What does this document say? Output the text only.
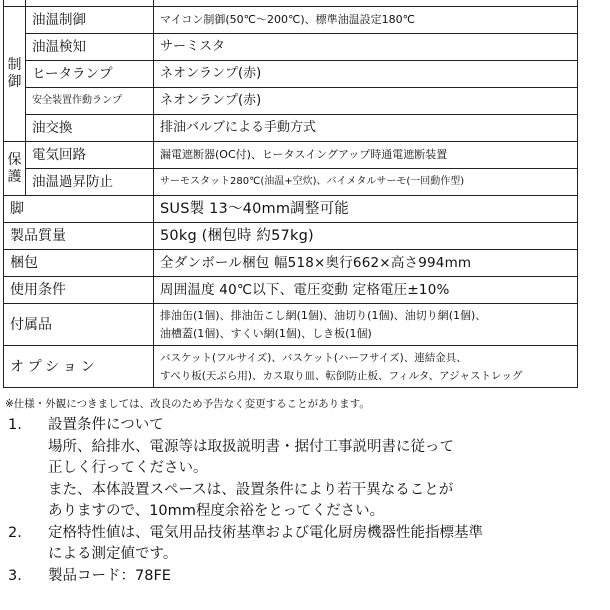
制
御	油温制御	マイコン制御(50℃～200℃)、標準油温設定180℃
	油温検知	サーミスタ
	ヒータランプ	ネオンランプ(赤)
	安全装置作動ランプ	ネオンランプ(赤)
	油交換	排油バルブによる手動方式

保
護	電気回路	漏電遮断器(OC付)、ヒータスイングアップ時通電遮断装置
	油温過昇防止	サーモスタット280℃(油温+空炊)、バイメタルサーモ(一回動作型)
脚		SUS製 13～40mm調整可能
製品質量		50kg (梱包時 約57kg)
梱包		全ダンボール梱包 幅518×奥行662×高さ994mm
使用条件		周囲温度 40℃以下、電圧変動 定格電圧±10%
付属品		排油缶(1個)、排油缶こし網(1個)、油切り(1個)、油切り網(1個)、
油槽蓋(1個)、すくい網(1個)、しき板(1個)

オプション		バスケット(フルサイズ)、バスケット(ハーフサイズ)、連結金具、
すべり板(天ぷら用)、カス取り皿、転倒防止板、フィルタ、アジャストレッグ
※仕様・外観につきましては、改良のため予告なく変更することがあります。
1. 設置条件について
場所、給排水、電源等は取扱説明書・据付工事説明書に従って
正しく行ってください。
また、本体設置スペースは、設置条件により若干異なることが
ありますので、10mm程度余裕をとってください。
2. 定格特性値は、電気用品技術基準および電化厨房機器性能指標基準
による測定値です。
3. 製品コード：78FE
